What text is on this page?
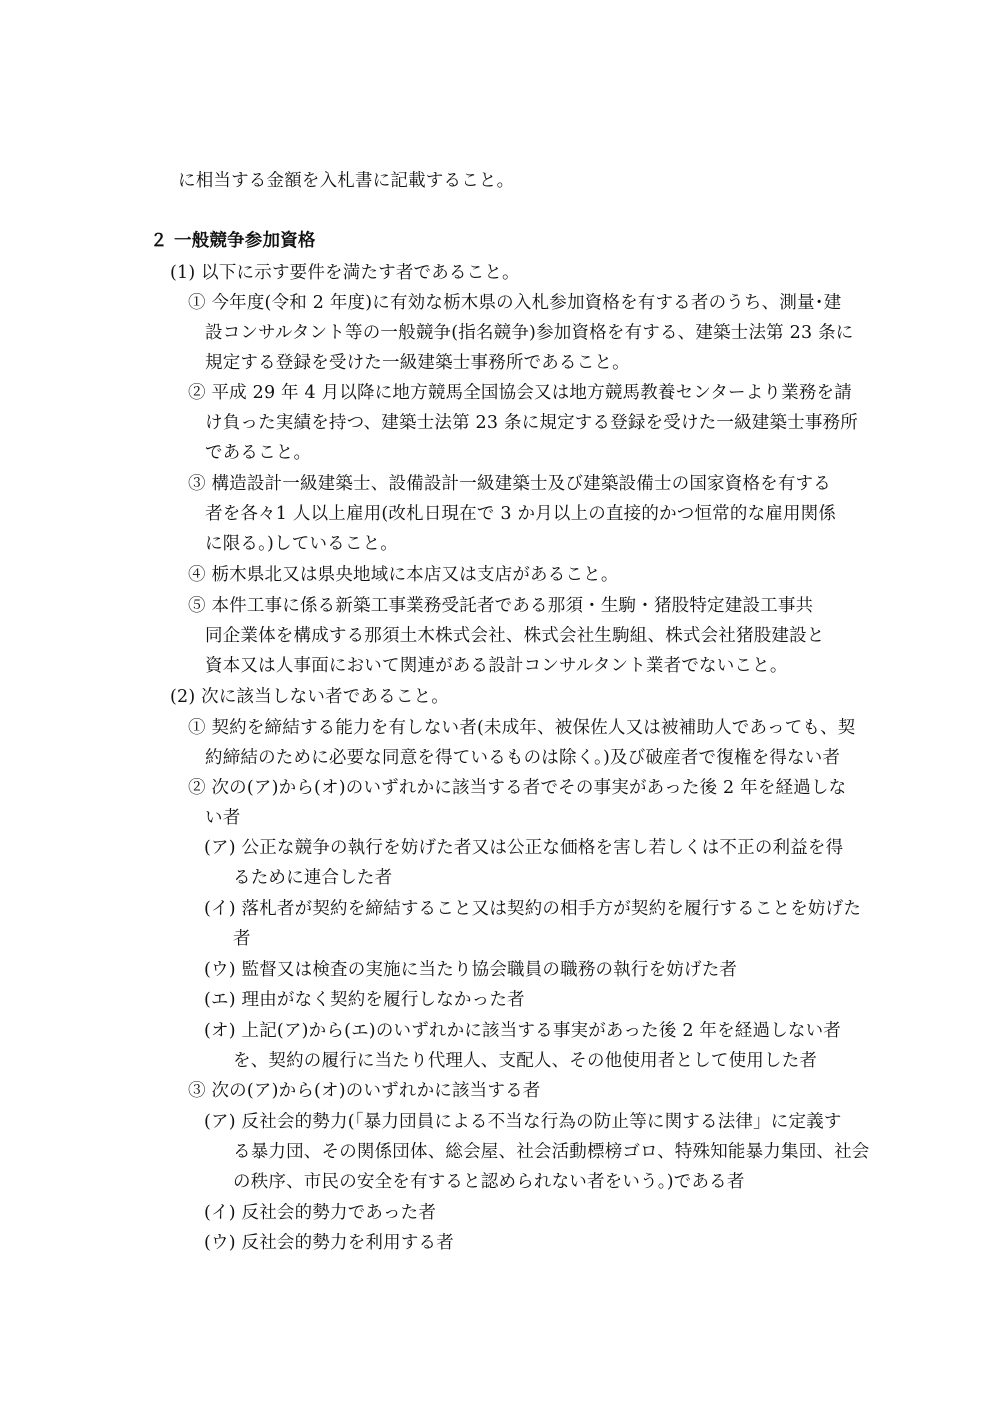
に相当する金額を入札書に記載すること。
２ 一般競争参加資格
(1) 以下に示す要件を満たす者であること。
① 今年度(令和 2 年度)に有効な栃木県の入札参加資格を有する者のうち、測量･建
設コンサルタント等の一般競争(指名競争)参加資格を有する、建築士法第 23 条に
規定する登録を受けた一級建築士事務所であること。
② 平成 29 年 4 月以降に地方競馬全国協会又は地方競馬教養センターより業務を請
け負った実績を持つ、建築士法第 23 条に規定する登録を受けた一級建築士事務所
であること。
③ 構造設計一級建築士、設備設計一級建築士及び建築設備士の国家資格を有する
者を各々1 人以上雇用(改札日現在で 3 か月以上の直接的かつ恒常的な雇用関係
に限る。)していること。
④ 栃木県北又は県央地域に本店又は支店があること。
⑤ 本件工事に係る新築工事業務受託者である那須・生駒・猪股特定建設工事共
同企業体を構成する那須土木株式会社、株式会社生駒組、株式会社猪股建設と
資本又は人事面において関連がある設計コンサルタント業者でないこと。
(2) 次に該当しない者であること。
① 契約を締結する能力を有しない者(未成年、被保佐人又は被補助人であっても、契
約締結のために必要な同意を得ているものは除く。)及び破産者で復権を得ない者
② 次の(ア)から(オ)のいずれかに該当する者でその事実があった後 2 年を経過しな
い者
(ア) 公正な競争の執行を妨げた者又は公正な価格を害し若しくは不正の利益を得
るために連合した者
(イ) 落札者が契約を締結すること又は契約の相手方が契約を履行することを妨げた
者
(ウ) 監督又は検査の実施に当たり協会職員の職務の執行を妨げた者
(エ) 理由がなく契約を履行しなかった者
(オ) 上記(ア)から(エ)のいずれかに該当する事実があった後 2 年を経過しない者
を、契約の履行に当たり代理人、支配人、その他使用者として使用した者
③ 次の(ア)から(オ)のいずれかに該当する者
(ア) 反社会的勢力(「暴力団員による不当な行為の防止等に関する法律」に定義す
る暴力団、その関係団体、総会屋、社会活動標榜ゴロ、特殊知能暴力集団、社会
の秩序、市民の安全を有すると認められない者をいう。)である者
(イ) 反社会的勢力であった者
(ウ) 反社会的勢力を利用する者
